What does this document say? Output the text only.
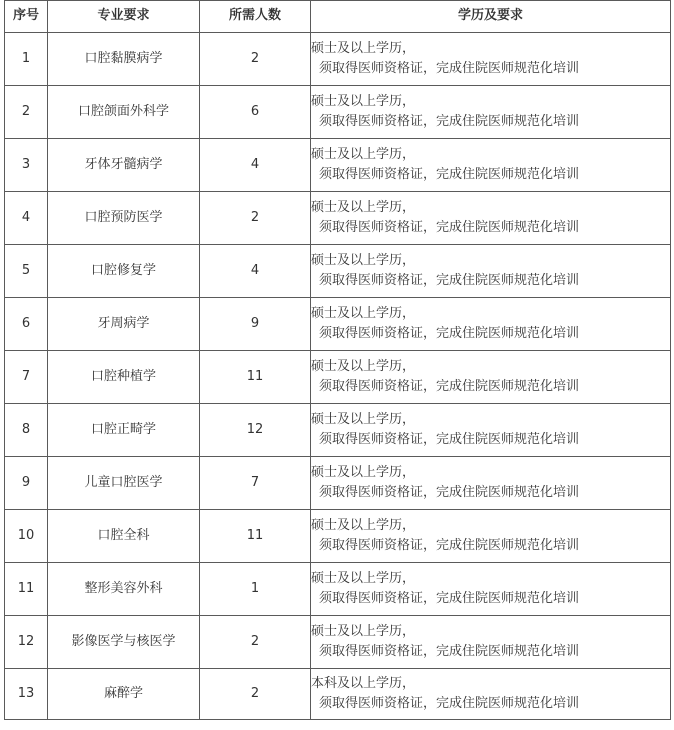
序号	专业要求	所需人数	学历及要求
1	口腔黏膜病学	2	硕士及以上学历，
须取得医师资格证，完成住院医师规范化培训

2	口腔颌面外科学	6	硕士及以上学历，
须取得医师资格证，完成住院医师规范化培训

3	牙体牙髓病学	4	硕士及以上学历，
须取得医师资格证，完成住院医师规范化培训

4	口腔预防医学	2	硕士及以上学历，
须取得医师资格证，完成住院医师规范化培训

5	口腔修复学	4	硕士及以上学历，
须取得医师资格证，完成住院医师规范化培训

6	牙周病学	9	硕士及以上学历，
须取得医师资格证，完成住院医师规范化培训

7	口腔种植学	11	硕士及以上学历，
须取得医师资格证，完成住院医师规范化培训

8	口腔正畸学	12	硕士及以上学历，
须取得医师资格证，完成住院医师规范化培训

9	儿童口腔医学	7	硕士及以上学历，
须取得医师资格证，完成住院医师规范化培训

10	口腔全科	11	硕士及以上学历，
须取得医师资格证，完成住院医师规范化培训

11	整形美容外科	1	硕士及以上学历，
须取得医师资格证，完成住院医师规范化培训

12	影像医学与核医学	2	硕士及以上学历，
须取得医师资格证，完成住院医师规范化培训

13	麻醉学	2	本科及以上学历，
须取得医师资格证，完成住院医师规范化培训
